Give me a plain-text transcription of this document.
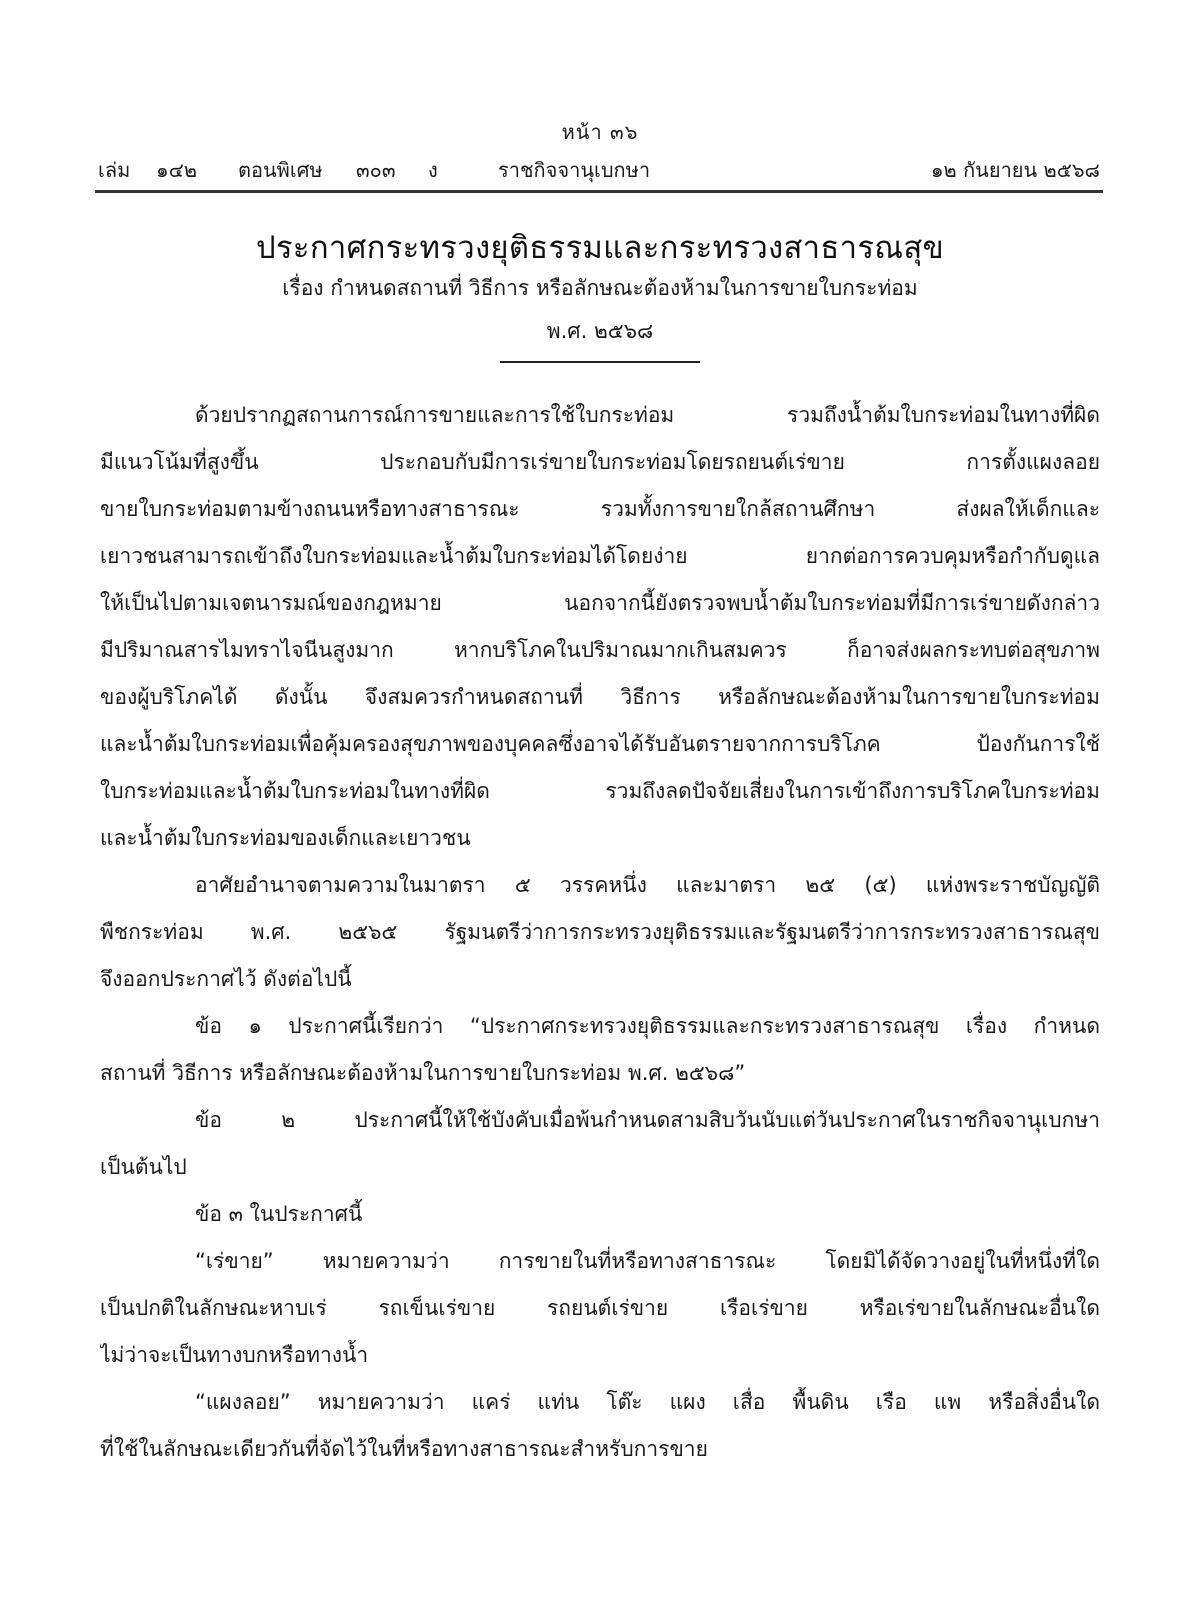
หน้า ๓๖
เล่ม ๑๔๒ ตอนพิเศษ ๓๐๓ ง	ราชกิจจานุเบกษา	๑๒ กันยายน ๒๕๖๘
ประกาศกระทรวงยุติธรรมและกระทรวงสาธารณสุข
เรื่อง กำหนดสถานที่ วิธีการ หรือลักษณะต้องห้ามในการขายใบกระท่อม
พ.ศ. ๒๕๖๘
ด้วยปรากฏสถานการณ์การขายและการใช้ใบกระท่อม รวมถึงน้ำต้มใบกระท่อมในทางที่ผิด
มีแนวโน้มที่สูงขึ้น ประกอบกับมีการเร่ขายใบกระท่อมโดยรถยนต์เร่ขาย การตั้งแผงลอย
ขายใบกระท่อมตามข้างถนนหรือทางสาธารณะ รวมทั้งการขายใกล้สถานศึกษา ส่งผลให้เด็กและ
เยาวชนสามารถเข้าถึงใบกระท่อมและน้ำต้มใบกระท่อมได้โดยง่าย ยากต่อการควบคุมหรือกำกับดูแล
ให้เป็นไปตามเจตนารมณ์ของกฎหมาย นอกจากนี้ยังตรวจพบน้ำต้มใบกระท่อมที่มีการเร่ขายดังกล่าว
มีปริมาณสารไมทราไจนีนสูงมาก หากบริโภคในปริมาณมากเกินสมควร ก็อาจส่งผลกระทบต่อสุขภาพ
ของผู้บริโภคได้ ดังนั้น จึงสมควรกำหนดสถานที่ วิธีการ หรือลักษณะต้องห้ามในการขายใบกระท่อม
และน้ำต้มใบกระท่อมเพื่อคุ้มครองสุขภาพของบุคคลซึ่งอาจได้รับอันตรายจากการบริโภค ป้องกันการใช้
ใบกระท่อมและน้ำต้มใบกระท่อมในทางที่ผิด รวมถึงลดปัจจัยเสี่ยงในการเข้าถึงการบริโภคใบกระท่อม
และน้ำต้มใบกระท่อมของเด็กและเยาวชน
อาศัยอำนาจตามความในมาตรา ๕ วรรคหนึ่ง และมาตรา ๒๕ (๕) แห่งพระราชบัญญัติ
พืชกระท่อม พ.ศ. ๒๕๖๕ รัฐมนตรีว่าการกระทรวงยุติธรรมและรัฐมนตรีว่าการกระทรวงสาธารณสุข
จึงออกประกาศไว้ ดังต่อไปนี้
ข้อ ๑ ประกาศนี้เรียกว่า “ประกาศกระทรวงยุติธรรมและกระทรวงสาธารณสุข เรื่อง กำหนด
สถานที่ วิธีการ หรือลักษณะต้องห้ามในการขายใบกระท่อม พ.ศ. ๒๕๖๘”
ข้อ ๒ ประกาศนี้ให้ใช้บังคับเมื่อพ้นกำหนดสามสิบวันนับแต่วันประกาศในราชกิจจานุเบกษา
เป็นต้นไป
ข้อ ๓ ในประกาศนี้
“เร่ขาย” หมายความว่า การขายในที่หรือทางสาธารณะ โดยมิได้จัดวางอยู่ในที่หนึ่งที่ใด
เป็นปกติในลักษณะหาบเร่ รถเข็นเร่ขาย รถยนต์เร่ขาย เรือเร่ขาย หรือเร่ขายในลักษณะอื่นใด
ไม่ว่าจะเป็นทางบกหรือทางน้ำ
“แผงลอย” หมายความว่า แคร่ แท่น โต๊ะ แผง เสื่อ พื้นดิน เรือ แพ หรือสิ่งอื่นใด
ที่ใช้ในลักษณะเดียวกันที่จัดไว้ในที่หรือทางสาธารณะสำหรับการขาย
